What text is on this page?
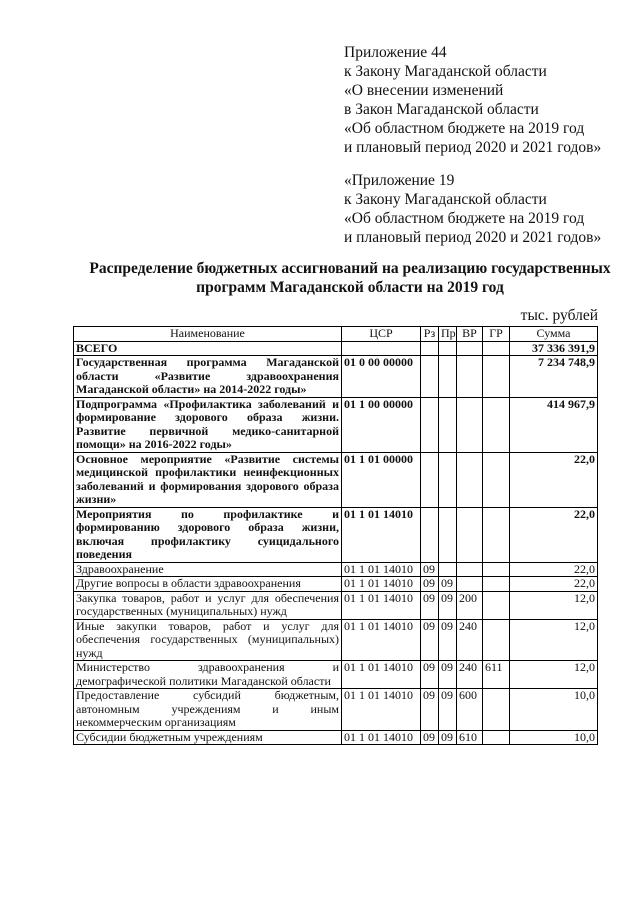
Приложение 44
к Закону Магаданской области
«О внесении изменений
в Закон Магаданской области
«Об областном бюджете на 2019 год
и плановый период 2020 и 2021 годов»
«Приложение 19
к Закону Магаданской области
«Об областном бюджете на 2019 год
и плановый период 2020 и 2021 годов»
Распределение бюджетных ассигнований на реализацию государственных
программ Магаданской области на 2019 год
тыс. рублей
Наименование	ЦСР	Рз	Пр	ВР	ГР	Сумма
ВСЕГО						37 336 391,9
Государственная программа Магаданской области «Развитие здравоохранения Магаданской области» на 2014-2022 годы»	01 0 00 00000					7 234 748,9
Подпрограмма «Профилактика заболеваний и формирование здорового образа жизни. Развитие первичной медико-санитарной помощи» на 2016-2022 годы»	01 1 00 00000					414 967,9
Основное мероприятие «Развитие системы медицинской профилактики неинфекционных заболеваний и формирования здорового образа жизни»	01 1 01 00000					22,0
Мероприятия по профилактике и формированию здорового образа жизни, включая профилактику суицидального поведения	01 1 01 14010					22,0
Здравоохранение	01 1 01 14010	09				22,0
Другие вопросы в области здравоохранения	01 1 01 14010	09	09			22,0
Закупка товаров, работ и услуг для обеспечения государственных (муниципальных) нужд	01 1 01 14010	09	09	200		12,0
Иные закупки товаров, работ и услуг для обеспечения государственных (муниципальных) нужд	01 1 01 14010	09	09	240		12,0
Министерство здравоохранения и демографической политики Магаданской области	01 1 01 14010	09	09	240	611	12,0
Предоставление субсидий бюджетным, автономным учреждениям и иным некоммерческим организациям	01 1 01 14010	09	09	600		10,0
Субсидии бюджетным учреждениям	01 1 01 14010	09	09	610		10,0
